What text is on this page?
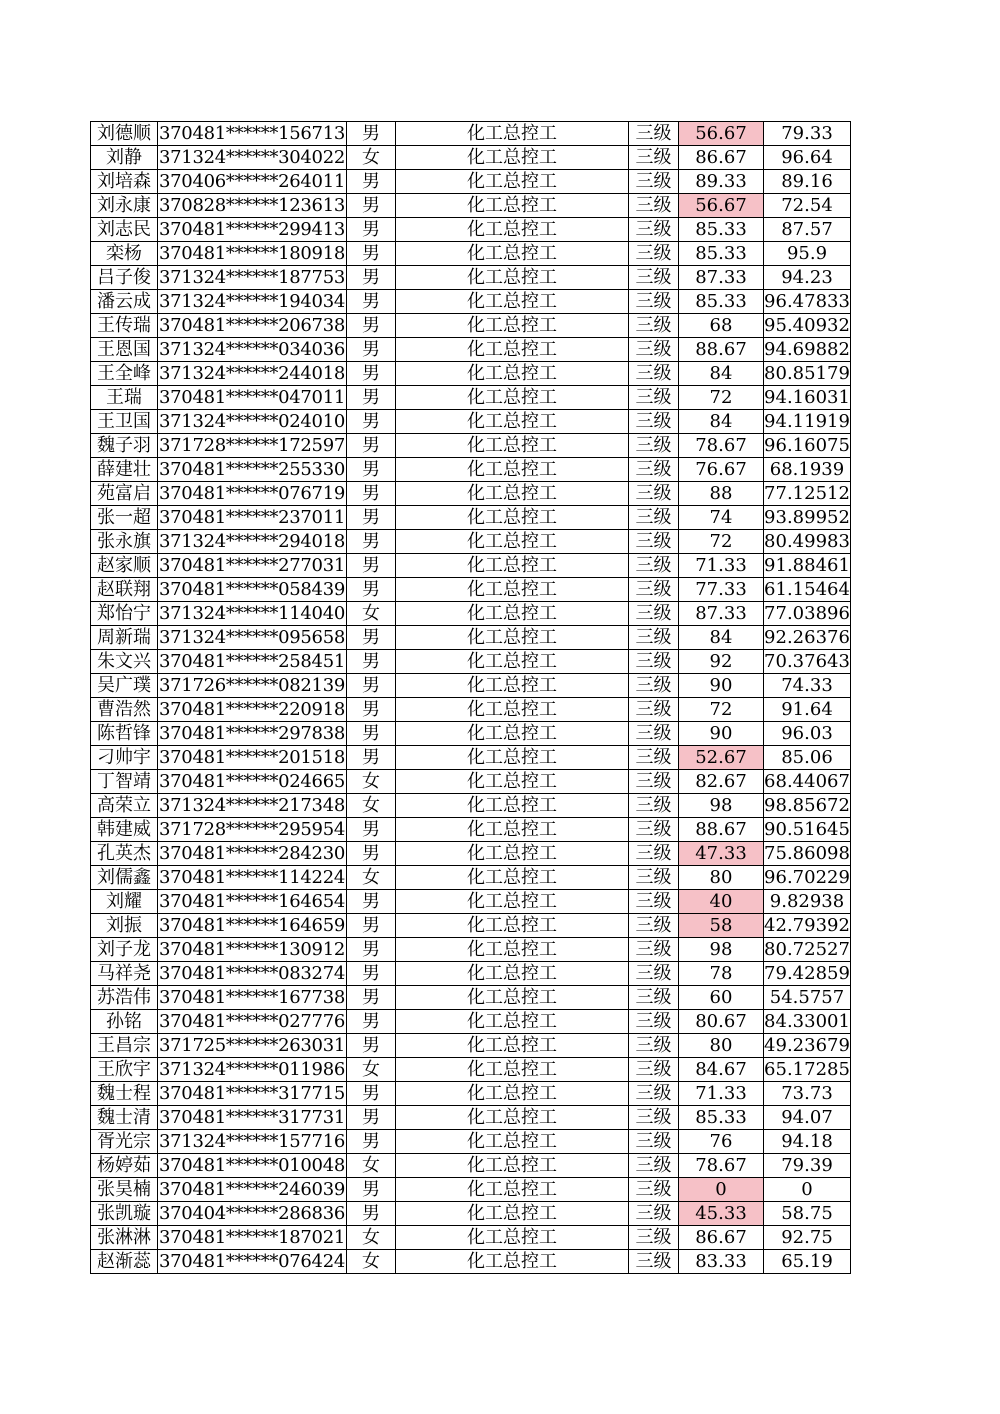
刘德顺	370481******156713	男	化工总控工	三级	56.67	79.33
刘静	371324******304022	女	化工总控工	三级	86.67	96.64
刘培森	370406******264011	男	化工总控工	三级	89.33	89.16
刘永康	370828******123613	男	化工总控工	三级	56.67	72.54
刘志民	370481******299413	男	化工总控工	三级	85.33	87.57
栾杨	370481******180918	男	化工总控工	三级	85.33	95.9
吕子俊	371324******187753	男	化工总控工	三级	87.33	94.23
潘云成	371324******194034	男	化工总控工	三级	85.33	96.47833
王传瑞	370481******206738	男	化工总控工	三级	68	95.40932
王恩国	371324******034036	男	化工总控工	三级	88.67	94.69882
王全峰	371324******244018	男	化工总控工	三级	84	80.85179
王瑞	370481******047011	男	化工总控工	三级	72	94.16031
王卫国	371324******024010	男	化工总控工	三级	84	94.11919
魏子羽	371728******172597	男	化工总控工	三级	78.67	96.16075
薛建壮	370481******255330	男	化工总控工	三级	76.67	68.1939
苑富启	370481******076719	男	化工总控工	三级	88	77.12512
张一超	370481******237011	男	化工总控工	三级	74	93.89952
张永旗	371324******294018	男	化工总控工	三级	72	80.49983
赵家顺	370481******277031	男	化工总控工	三级	71.33	91.88461
赵联翔	370481******058439	男	化工总控工	三级	77.33	61.15464
郑怡宁	371324******114040	女	化工总控工	三级	87.33	77.03896
周新瑞	371324******095658	男	化工总控工	三级	84	92.26376
朱文兴	370481******258451	男	化工总控工	三级	92	70.37643
吴广璞	371726******082139	男	化工总控工	三级	90	74.33
曹浩然	370481******220918	男	化工总控工	三级	72	91.64
陈哲锋	370481******297838	男	化工总控工	三级	90	96.03
刁帅宇	370481******201518	男	化工总控工	三级	52.67	85.06
丁智靖	370481******024665	女	化工总控工	三级	82.67	68.44067
高荣立	371324******217348	女	化工总控工	三级	98	98.85672
韩建威	371728******295954	男	化工总控工	三级	88.67	90.51645
孔英杰	370481******284230	男	化工总控工	三级	47.33	75.86098
刘儒鑫	370481******114224	女	化工总控工	三级	80	96.70229
刘耀	370481******164654	男	化工总控工	三级	40	9.82938
刘振	370481******164659	男	化工总控工	三级	58	42.79392
刘子龙	370481******130912	男	化工总控工	三级	98	80.72527
马祥尧	370481******083274	男	化工总控工	三级	78	79.42859
苏浩伟	370481******167738	男	化工总控工	三级	60	54.5757
孙铭	370481******027776	男	化工总控工	三级	80.67	84.33001
王昌宗	371725******263031	男	化工总控工	三级	80	49.23679
王欣宇	371324******011986	女	化工总控工	三级	84.67	65.17285
魏士程	370481******317715	男	化工总控工	三级	71.33	73.73
魏士清	370481******317731	男	化工总控工	三级	85.33	94.07
胥光宗	371324******157716	男	化工总控工	三级	76	94.18
杨婷茹	370481******010048	女	化工总控工	三级	78.67	79.39
张昊楠	370481******246039	男	化工总控工	三级	0	0
张凯璇	370404******286836	男	化工总控工	三级	45.33	58.75
张淋淋	370481******187021	女	化工总控工	三级	86.67	92.75
赵渐蕊	370481******076424	女	化工总控工	三级	83.33	65.19
